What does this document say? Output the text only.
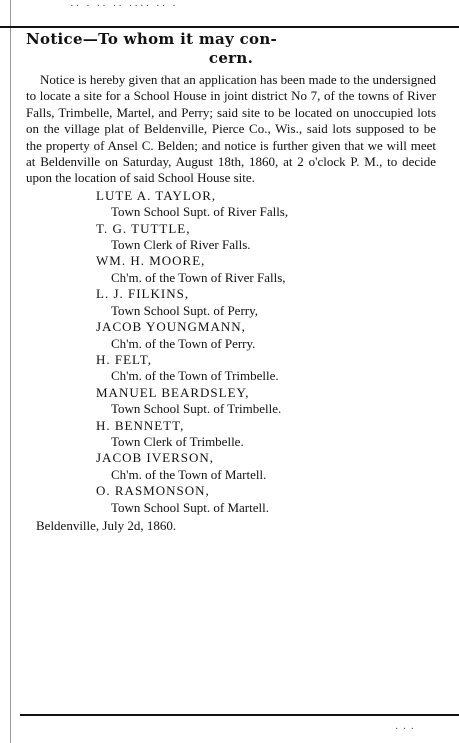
·· · ·· ·· ···· ·· ·
Notice—To whom it may con-
cern.

Notice is hereby given that an application has been made to the undersigned to locate a site for a School House in joint district No 7, of the towns of River Falls, Trimbelle, Martel, and Perry; said site to be located on unoccupied lots on the village plat of Beldenville, Pierce Co., Wis., said lots supposed to be the property of Ansel C. Belden; and notice is further given that we will meet at Beldenville on Saturday, August 18th, 1860, at 2 o'clock P. M., to decide upon the location of said School House site.

LUTE A. TAYLOR,
Town School Supt. of River Falls,
T. G. TUTTLE,
Town Clerk of River Falls.
WM. H. MOORE,
Ch'm. of the Town of River Falls,
L. J. FILKINS,
Town School Supt. of Perry,
JACOB YOUNGMANN,
Ch'm. of the Town of Perry.
H. FELT,
Ch'm. of the Town of Trimbelle.
MANUEL BEARDSLEY,
Town School Supt. of Trimbelle.
H. BENNETT,
Town Clerk of Trimbelle.
JACOB IVERSON,
Ch'm. of the Town of Martell.
O. RASMONSON,
Town School Supt. of Martell.
Beldenville, July 2d, 1860.
· · ·
